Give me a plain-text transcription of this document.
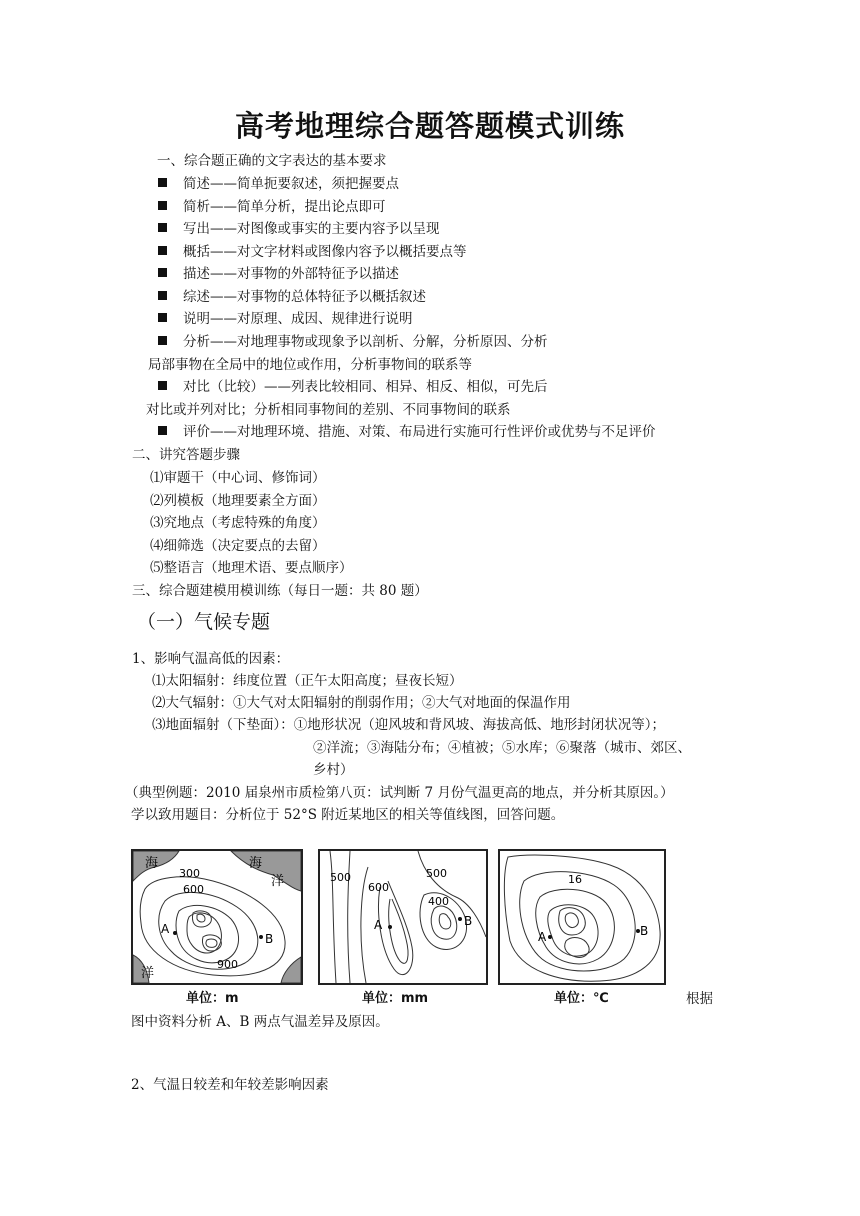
高考地理综合题答题模式训练
一、综合题正确的文字表达的基本要求
简述——简单扼要叙述，须把握要点
简析——简单分析，提出论点即可
写出——对图像或事实的主要内容予以呈现
概括——对文字材料或图像内容予以概括要点等
描述——对事物的外部特征予以描述
综述——对事物的总体特征予以概括叙述
说明——对原理、成因、规律进行说明
分析——对地理事物或现象予以剖析、分解，分析原因、分析
局部事物在全局中的地位或作用，分析事物间的联系等
对比（比较）——列表比较相同、相异、相反、相似，可先后
对比或并列对比；分析相同事物间的差别、不同事物间的联系
评价——对地理环境、措施、对策、布局进行实施可行性评价或优势与不足评价
二、讲究答题步骤
⑴审题干（中心词、修饰词）
⑵列模板（地理要素全方面）
⑶究地点（考虑特殊的角度）
⑷细筛选（决定要点的去留）
⑸整语言（地理术语、要点顺序）
三、综合题建模用模训练（每日一题：共 80 题）
（一）气候专题
1、影响气温高低的因素：
⑴太阳辐射：纬度位置（正午太阳高度；昼夜长短）
⑵大气辐射：①大气对太阳辐射的削弱作用；②大气对地面的保温作用
⑶地面辐射（下垫面）：①地形状况（迎风坡和背风坡、海拔高低、地形封闭状况等）；
②洋流；③海陆分布；④植被；⑤水库；⑥聚落（城市、郊区、
乡村）
（典型例题：2010 届泉州市质检第八页：试判断 7 月份气温更高的地点，并分析其原因。）
学以致用题目：分析位于 52°S 附近某地区的相关等值线图，回答问题。
海	海
洋
洋
300
600
900
A
B
单位：m
500
600
500
400
A	B
单位：mm
16
A	B
单位：℃	根据
图中资料分析 A、B 两点气温差异及原因。
2、气温日较差和年较差影响因素
